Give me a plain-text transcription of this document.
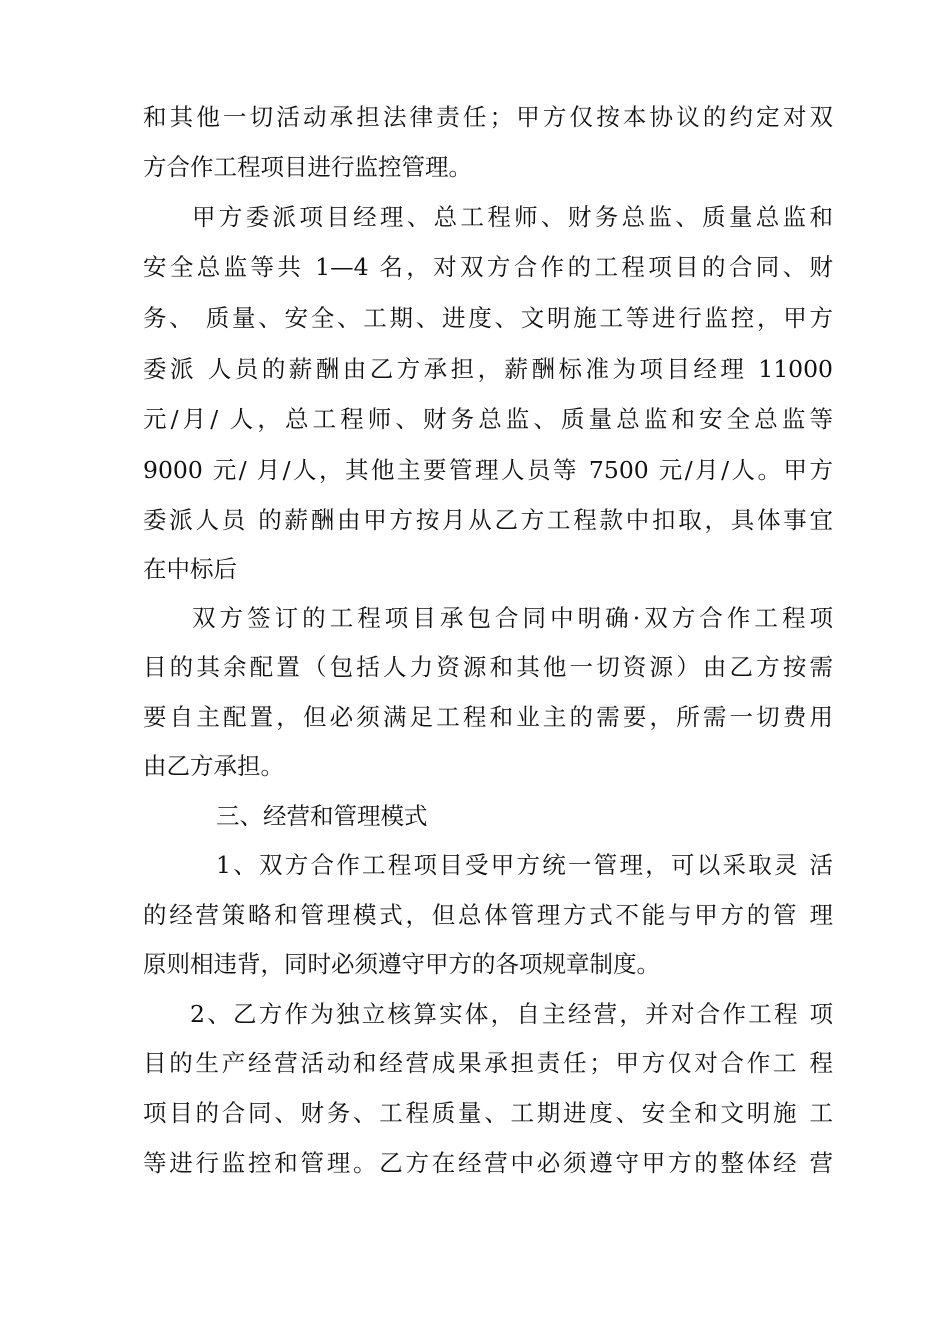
和其他一切活动承担法律责任；甲方仅按本协议的约定对双
方合作工程项目进行监控管理。
甲方委派项目经理、总工程师、财务总监、质量总监和
安全总监等共 1—4 名，对双方合作的工程项目的合同、财
务、 质量、安全、工期、进度、文明施工等进行监控，甲方
委派 人员的薪酬由乙方承担，薪酬标准为项目经理 11000
元/月/ 人，总工程师、财务总监、质量总监和安全总监等
9000 元/ 月/人，其他主要管理人员等 7500 元/月/人。甲方
委派人员 的薪酬由甲方按月从乙方工程款中扣取，具体事宜
在中标后
双方签订的工程项目承包合同中明确·双方合作工程项
目的其余配置（包括人力资源和其他一切资源）由乙方按需
要自主配置，但必须满足工程和业主的需要，所需一切费用
由乙方承担。
三、经营和管理模式
1、双方合作工程项目受甲方统一管理，可以采取灵 活
的经营策略和管理模式，但总体管理方式不能与甲方的管 理
原则相违背，同时必须遵守甲方的各项规章制度。
2、乙方作为独立核算实体，自主经营，并对合作工程 项
目的生产经营活动和经营成果承担责任；甲方仅对合作工 程
项目的合同、财务、工程质量、工期进度、安全和文明施 工
等进行监控和管理。乙方在经营中必须遵守甲方的整体经 营
